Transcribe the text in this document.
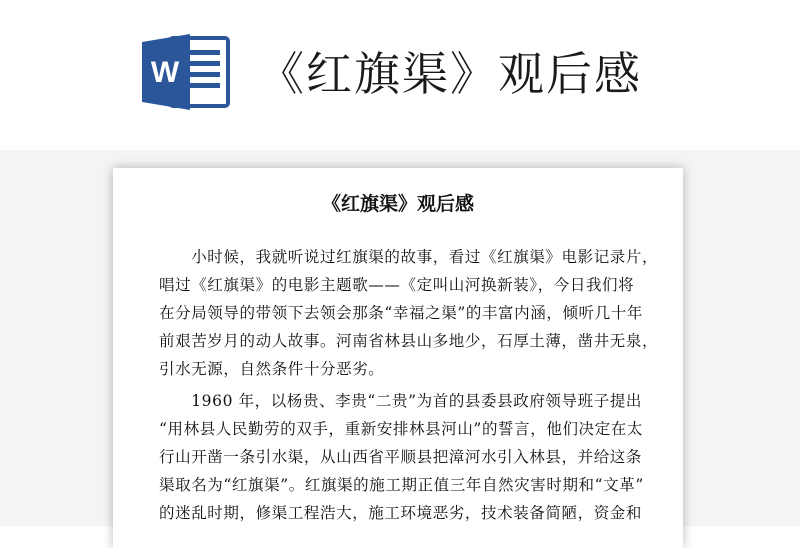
W 《红旗渠》观后感
《红旗渠》观后感
　　小时候，我就听说过红旗渠的故事，看过《红旗渠》电影记录片，
唱过《红旗渠》的电影主题歌——《定叫山河换新装》，今日我们将
在分局领导的带领下去领会那条“幸福之渠”的丰富内涵，倾听几十年
前艰苦岁月的动人故事。河南省林县山多地少，石厚土薄，凿井无泉，
引水无源，自然条件十分恶劣。
　　1960 年，以杨贵、李贵“二贵”为首的县委县政府领导班子提出
“用林县人民勤劳的双手，重新安排林县河山”的誓言，他们决定在太
行山开凿一条引水渠，从山西省平顺县把漳河水引入林县，并给这条
渠取名为“红旗渠”。红旗渠的施工期正值三年自然灾害时期和“文革”
的迷乱时期，修渠工程浩大，施工环境恶劣，技术装备简陋，资金和
